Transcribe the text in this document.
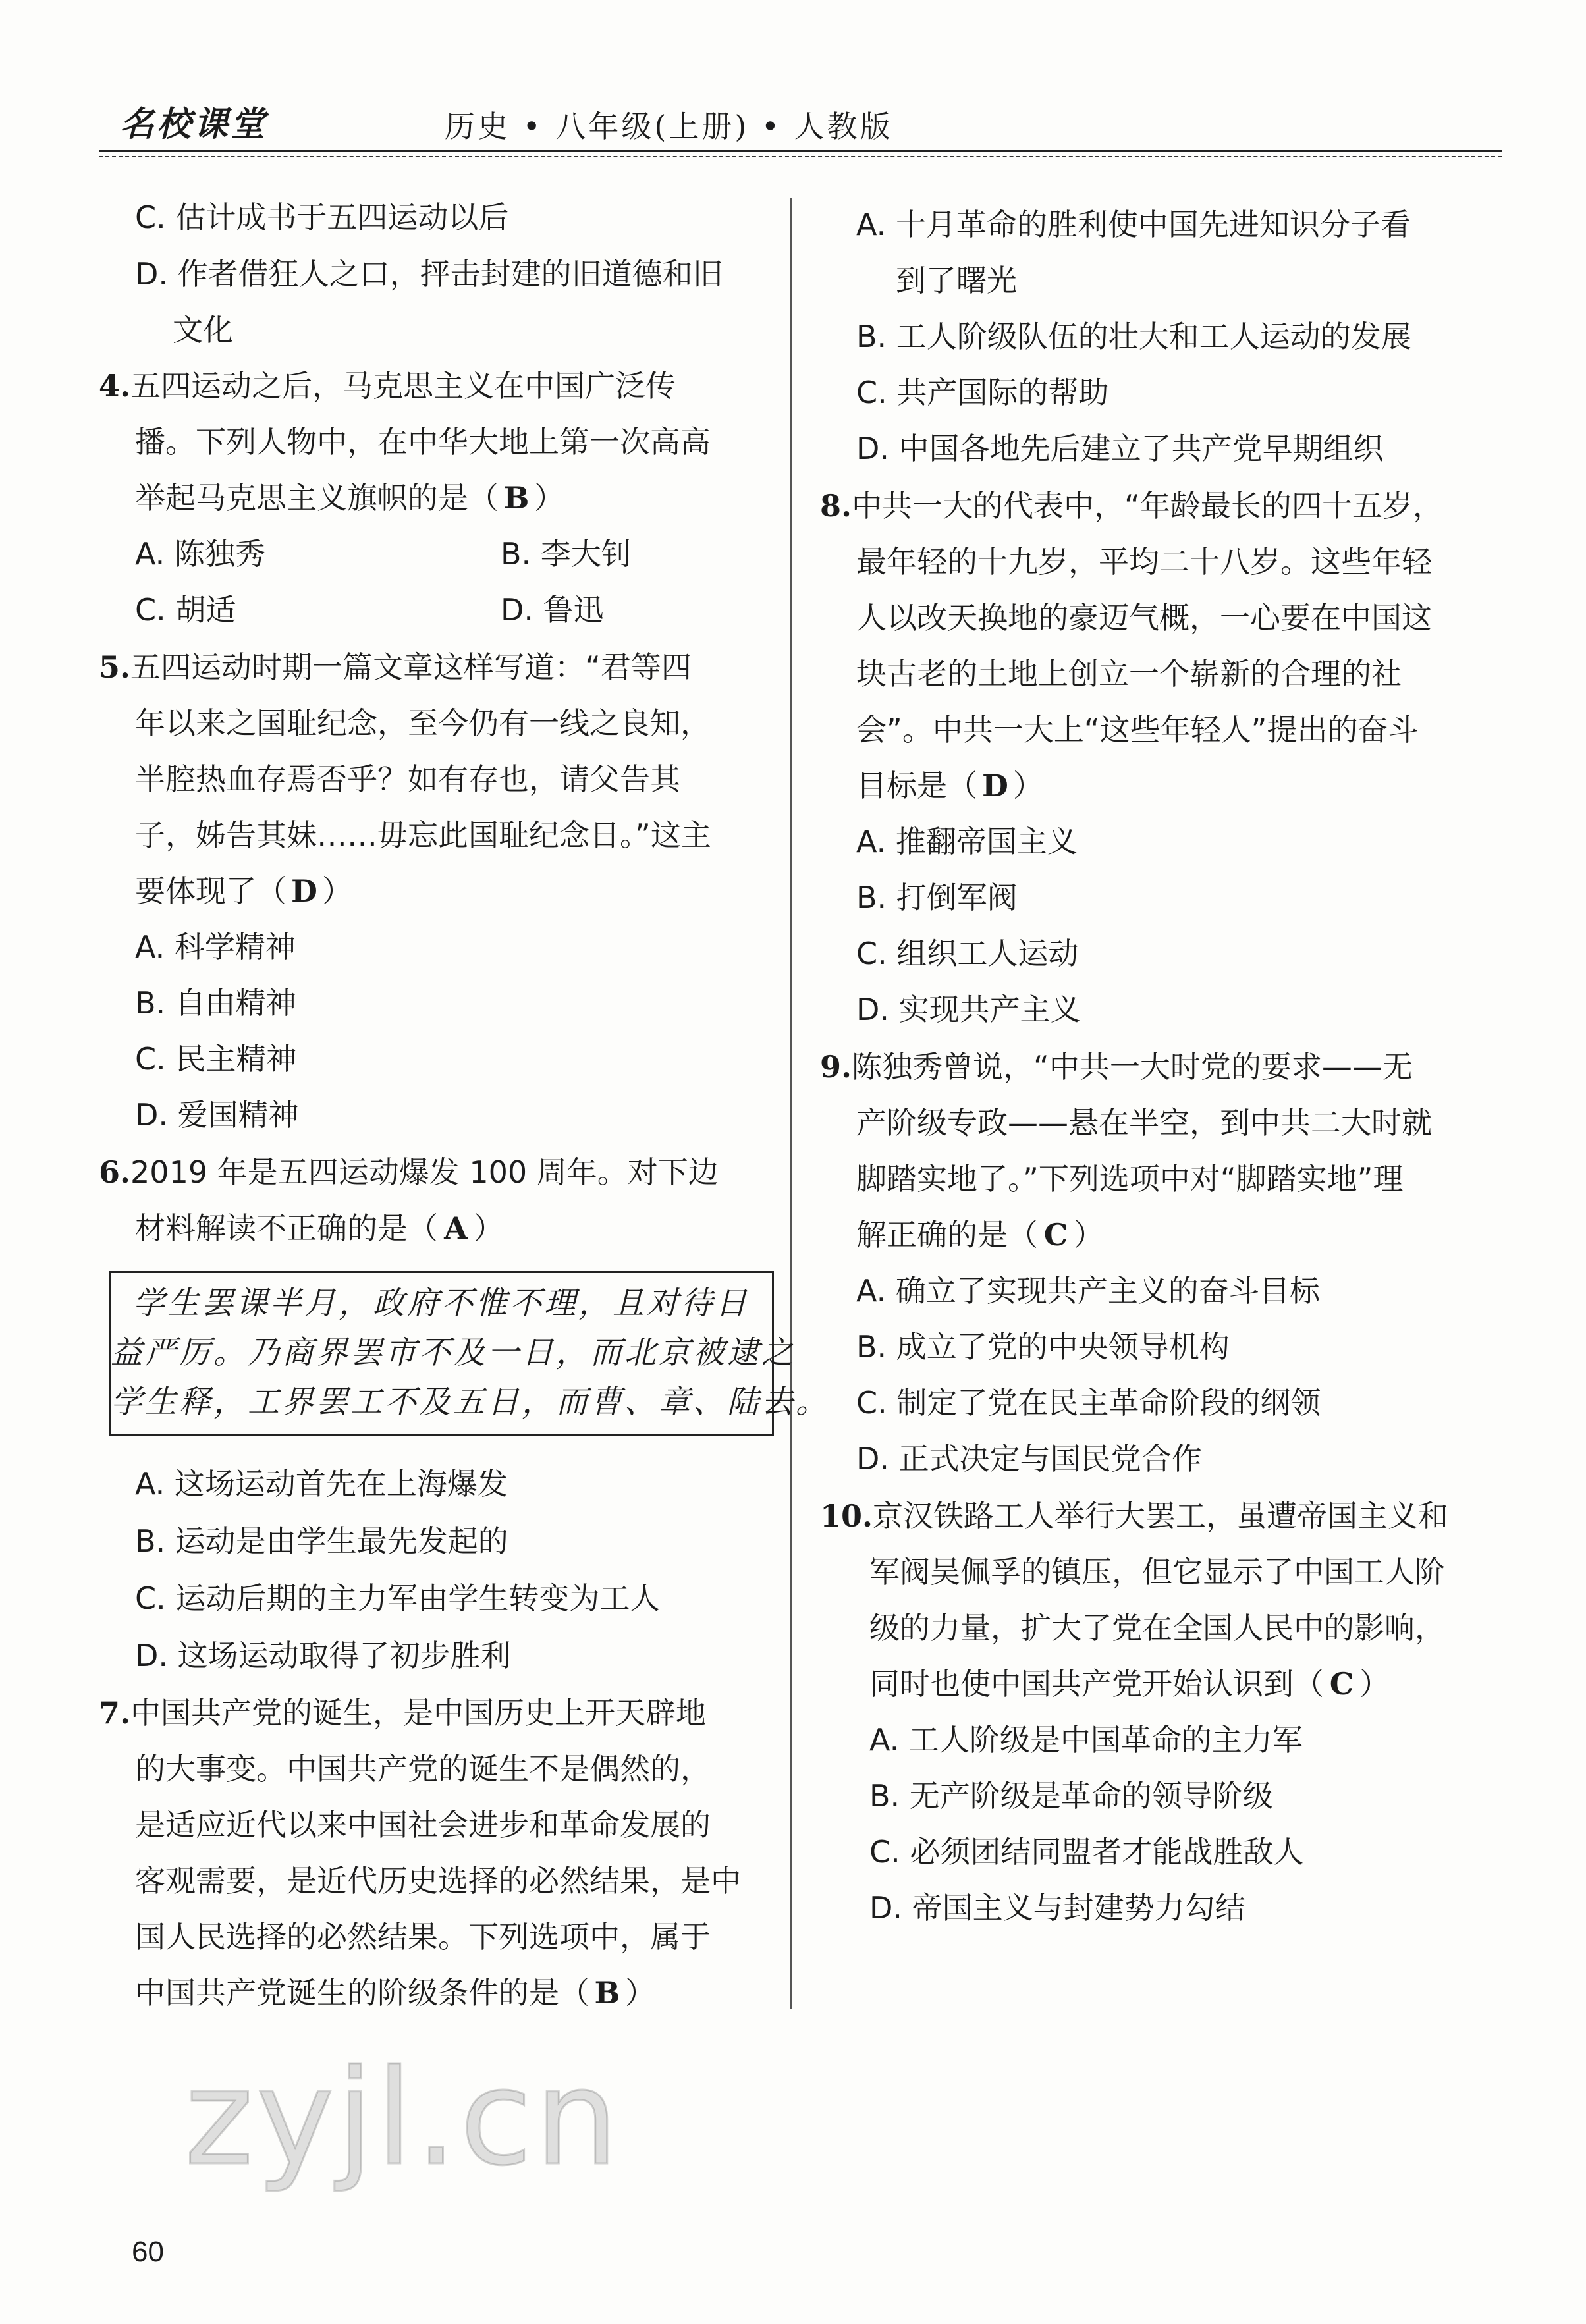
名校课堂	历史 • 八年级(上册) • 人教版
C. 估计成书于五四运动以后
D. 作者借狂人之口，抨击封建的旧道德和旧
文化
4.五四运动之后，马克思主义在中国广泛传
播。下列人物中，在中华大地上第一次高高
举起马克思主义旗帜的是（ B ）
A. 陈独秀	B. 李大钊
C. 胡适	D. 鲁迅
5.五四运动时期一篇文章这样写道：“君等四
年以来之国耻纪念，至今仍有一线之良知，
半腔热血存焉否乎？如有存也，请父告其
子，姊告其妹……毋忘此国耻纪念日。”这主
要体现了（ D ）
A. 科学精神
B. 自由精神
C. 民主精神
D. 爱国精神
6.2019 年是五四运动爆发 100 周年。对下边
材料解读不正确的是（ A ）
学生罢课半月，政府不惟不理，且对待日
益严厉。乃商界罢市不及一日，而北京被逮之
学生释，工界罢工不及五日，而曹、章、陆去。
A. 这场运动首先在上海爆发
B. 运动是由学生最先发起的
C. 运动后期的主力军由学生转变为工人
D. 这场运动取得了初步胜利
7.中国共产党的诞生，是中国历史上开天辟地
的大事变。中国共产党的诞生不是偶然的，
是适应近代以来中国社会进步和革命发展的
客观需要，是近代历史选择的必然结果，是中
国人民选择的必然结果。下列选项中，属于
中国共产党诞生的阶级条件的是（ B ）
A. 十月革命的胜利使中国先进知识分子看
到了曙光
B. 工人阶级队伍的壮大和工人运动的发展
C. 共产国际的帮助
D. 中国各地先后建立了共产党早期组织
8.中共一大的代表中，“年龄最长的四十五岁，
最年轻的十九岁，平均二十八岁。这些年轻
人以改天换地的豪迈气概，一心要在中国这
块古老的土地上创立一个崭新的合理的社
会”。中共一大上“这些年轻人”提出的奋斗
目标是（ D ）
A. 推翻帝国主义
B. 打倒军阀
C. 组织工人运动
D. 实现共产主义
9.陈独秀曾说，“中共一大时党的要求——无
产阶级专政——悬在半空，到中共二大时就
脚踏实地了。”下列选项中对“脚踏实地”理
解正确的是（ C ）
A. 确立了实现共产主义的奋斗目标
B. 成立了党的中央领导机构
C. 制定了党在民主革命阶段的纲领
D. 正式决定与国民党合作
10.京汉铁路工人举行大罢工，虽遭帝国主义和
军阀吴佩孚的镇压，但它显示了中国工人阶
级的力量，扩大了党在全国人民中的影响，
同时也使中国共产党开始认识到（ C ）
A. 工人阶级是中国革命的主力军
B. 无产阶级是革命的领导阶级
C. 必须团结同盟者才能战胜敌人
D. 帝国主义与封建势力勾结
zyjl.cn
60
